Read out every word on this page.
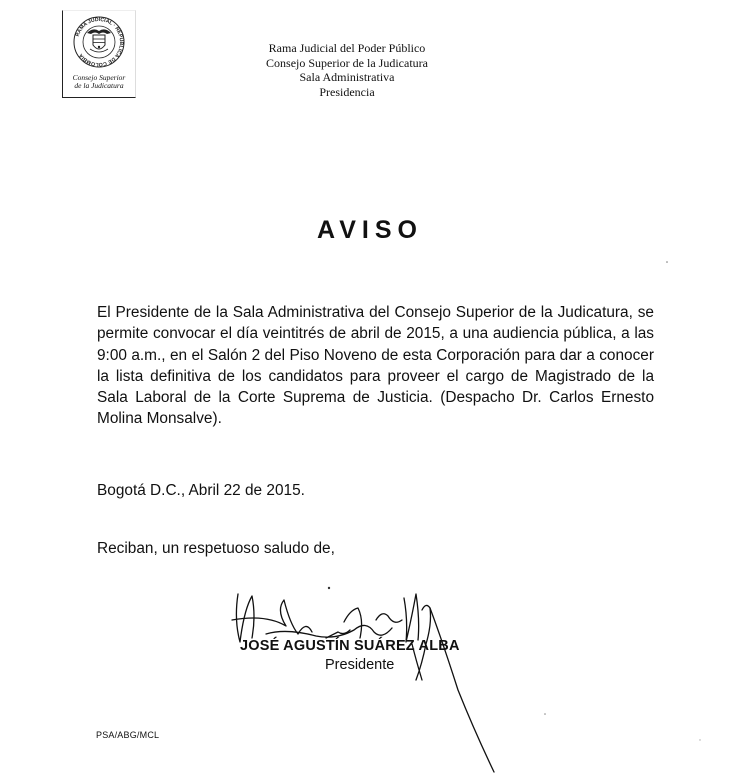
RAMA JUDICIAL · REPÚBLICA DE COLOMBIA
Consejo Superior
de la Judicatura
Rama Judicial del Poder Público
Consejo Superior de la Judicatura
Sala Administrativa
Presidencia
AVISO
El Presidente de la Sala Administrativa del Consejo Superior de la Judicatura, se permite convocar el día veintitrés de abril de 2015, a una audiencia pública, a las 9:00 a.m., en el Salón 2 del Piso Noveno de esta Corporación para dar a conocer la lista definitiva de los candidatos para proveer el cargo de Magistrado de la Sala Laboral de la Corte Suprema de Justicia. (Despacho Dr. Carlos Ernesto Molina Monsalve).
Bogotá D.C., Abril 22 de 2015.
Reciban, un respetuoso saludo de,
JOSÉ AGUSTÍN SUÁREZ ALBA
Presidente
PSA/ABG/MCL
